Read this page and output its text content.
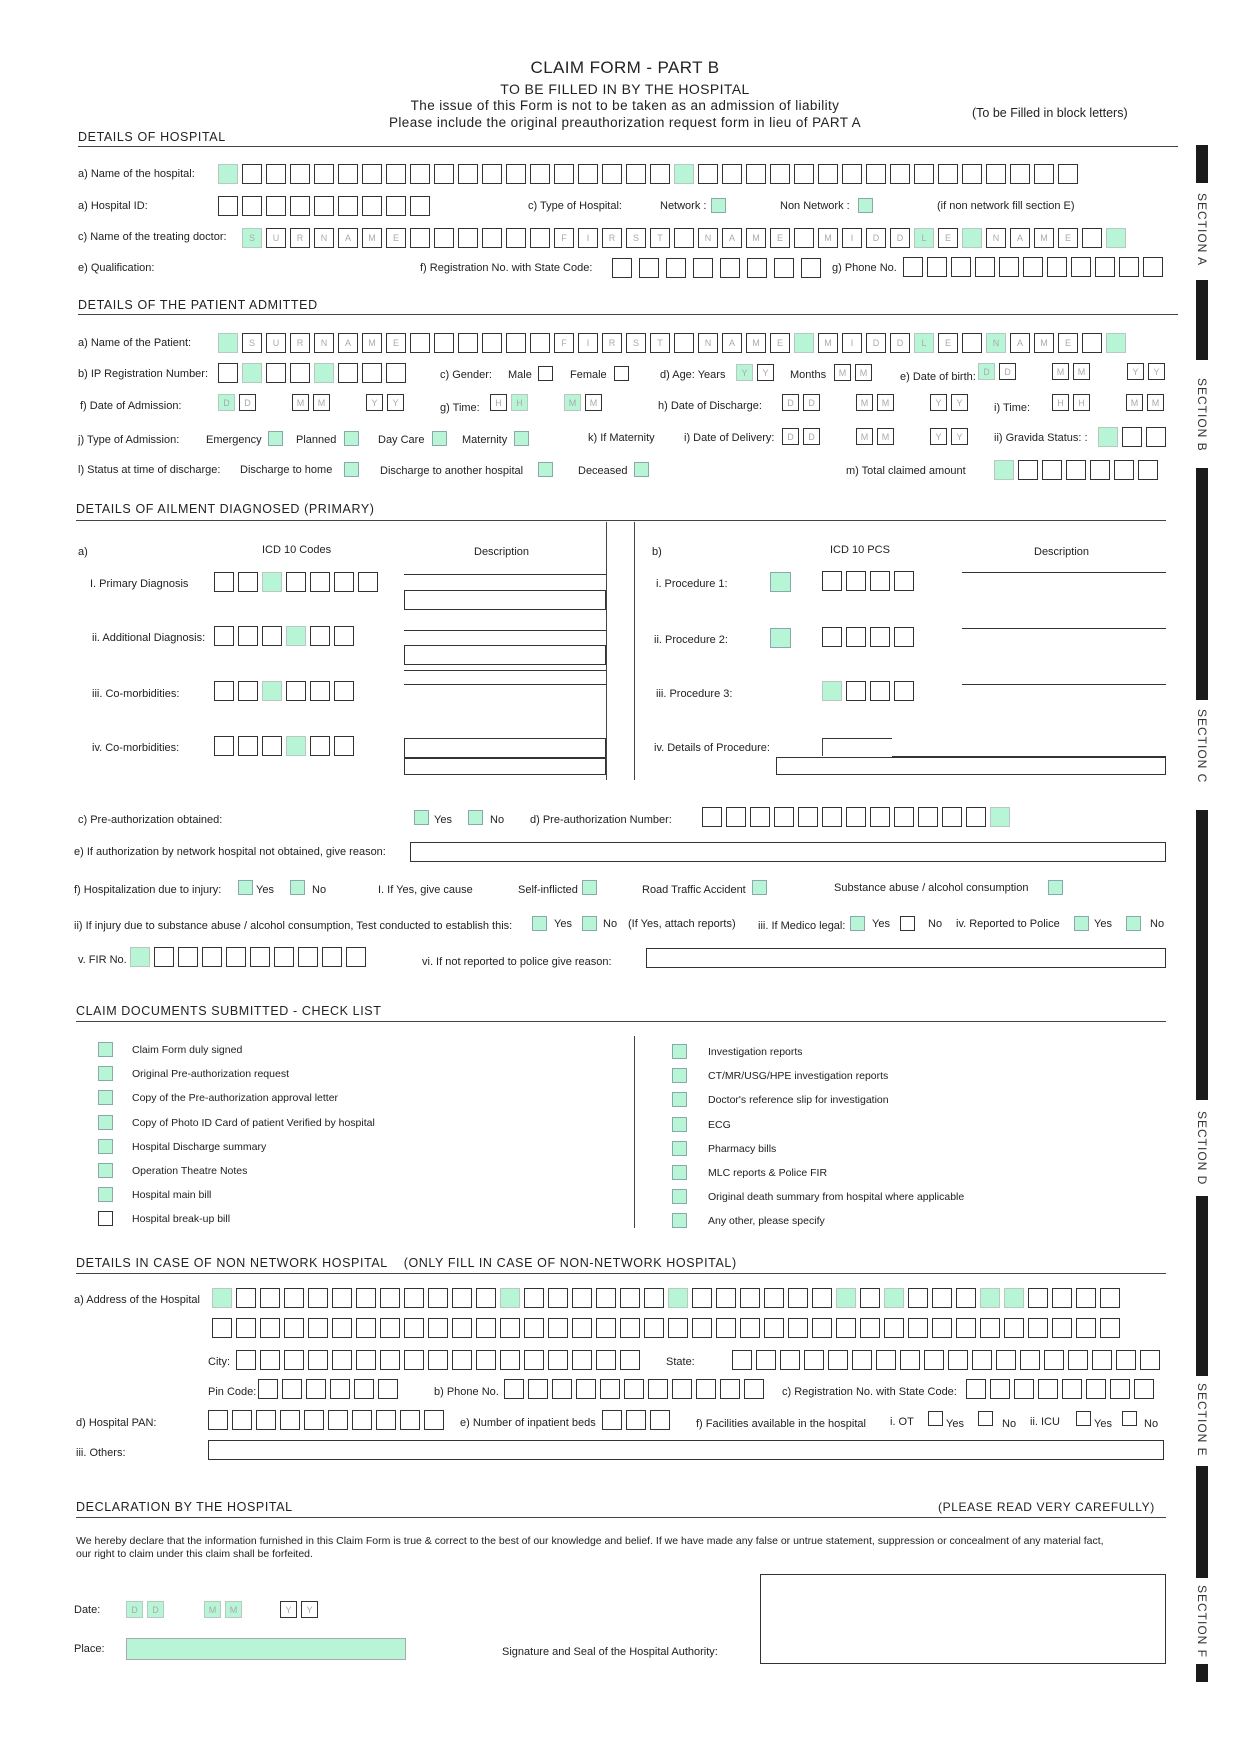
CLAIM FORM - PART B
TO BE FILLED IN BY THE HOSPITAL
The issue of this Form is not to be taken as an admission of liability
Please include the original preauthorization request form in lieu of PART A
(To be Filled in block letters)
SECTION A
SECTION B
SECTION C
SECTION D
SECTION E
SECTION F
DETAILS OF HOSPITAL
a) Name of the hospital:
a) Hospital ID:	c) Type of Hospital:	Network :	Non Network :	(if non network fill section E)
c) Name of the treating doctor:	S	U	R	N	A	M	E	F	I	R	S	T	N	A	M	E	M	I	D	D	L	E	N	A	M	E
e) Qualification:	f) Registration No. with State Code:	g) Phone No.
DETAILS OF THE PATIENT ADMITTED
a) Name of the Patient:	S	U	R	N	A	M	E	F	I	R	S	T	N	A	M	E	M	I	D	D	L	E	N	A	M	E
b) IP Registration Number:	c) Gender: Male	Female	d) Age: Years	Y	Y	Months	M	M	e) Date of birth: D	D	M	M	Y	Y
f) Date of Admission:	D	D	M	M	Y	Y	g) Time:	H	H	M	M	h) Date of Discharge:	D	D	M	M	Y	Y	i) Time:	H	H	M	M
j) Type of Admission: Emergency	Planned	Day Care	Maternity	k) If Maternity	i) Date of Delivery:	D	D	M	M	Y	Y	ii) Gravida Status: :
l) Status at time of discharge: Discharge to home	Discharge to another hospital	Deceased	m) Total claimed amount
DETAILS OF AILMENT DIAGNOSED (PRIMARY)
a)	ICD 10 Codes	Description
I. Primary Diagnosis
ii. Additional Diagnosis:
iii. Co-morbidities:
iv. Co-morbidities:
b)	ICD 10 PCS	Description
i. Procedure 1:
ii. Procedure 2:
iii. Procedure 3:
iv. Details of Procedure:
c) Pre-authorization obtained:	Yes	No d) Pre-authorization Number:
e) If authorization by network hospital not obtained, give reason:
f) Hospitalization due to injury:	Yes	No	I. If Yes, give cause	Self-inflicted	Road Traffic Accident	Substance abuse / alcohol consumption
ii) If injury due to substance abuse / alcohol consumption, Test conducted to establish this:	Yes	No (If Yes, attach reports) iii. If Medico legal: Yes	No iv. Reported to Police	Yes	No
v. FIR No.	vi. If not reported to police give reason:
CLAIM DOCUMENTS SUBMITTED - CHECK LIST
DETAILS IN CASE OF NON NETWORK HOSPITAL    (ONLY FILL IN CASE OF NON-NETWORK HOSPITAL)
a) Address of the Hospital
City:	State:
Pin Code:	b) Phone No.	c) Registration No. with State Code:
d) Hospital PAN:	e) Number of inpatient beds	f) Facilities available in the hospital i. OT	Yes	No ii. ICU	Yes	No
iii. Others:
DECLARATION BY THE HOSPITAL	(PLEASE READ VERY CAREFULLY)
We hereby declare that the information furnished in this Claim Form is true & correct to the best of our knowledge and belief. If we have made any false or untrue statement, suppression or concealment of any material fact,
our right to claim under this claim shall be forfeited.
Date:	D	D	M	M	Y	Y
Place:	Signature and Seal of the Hospital Authority:
Claim Form duly signed
Original Pre-authorization request
Copy of the Pre-authorization approval letter
Copy of Photo ID Card of patient Verified by hospital
Hospital Discharge summary
Operation Theatre Notes
Hospital main bill
Hospital break-up bill
Investigation reports
CT/MR/USG/HPE investigation reports
Doctor's reference slip for investigation
ECG
Pharmacy bills
MLC reports & Police FIR
Original death summary from hospital where applicable
Any other, please specify
